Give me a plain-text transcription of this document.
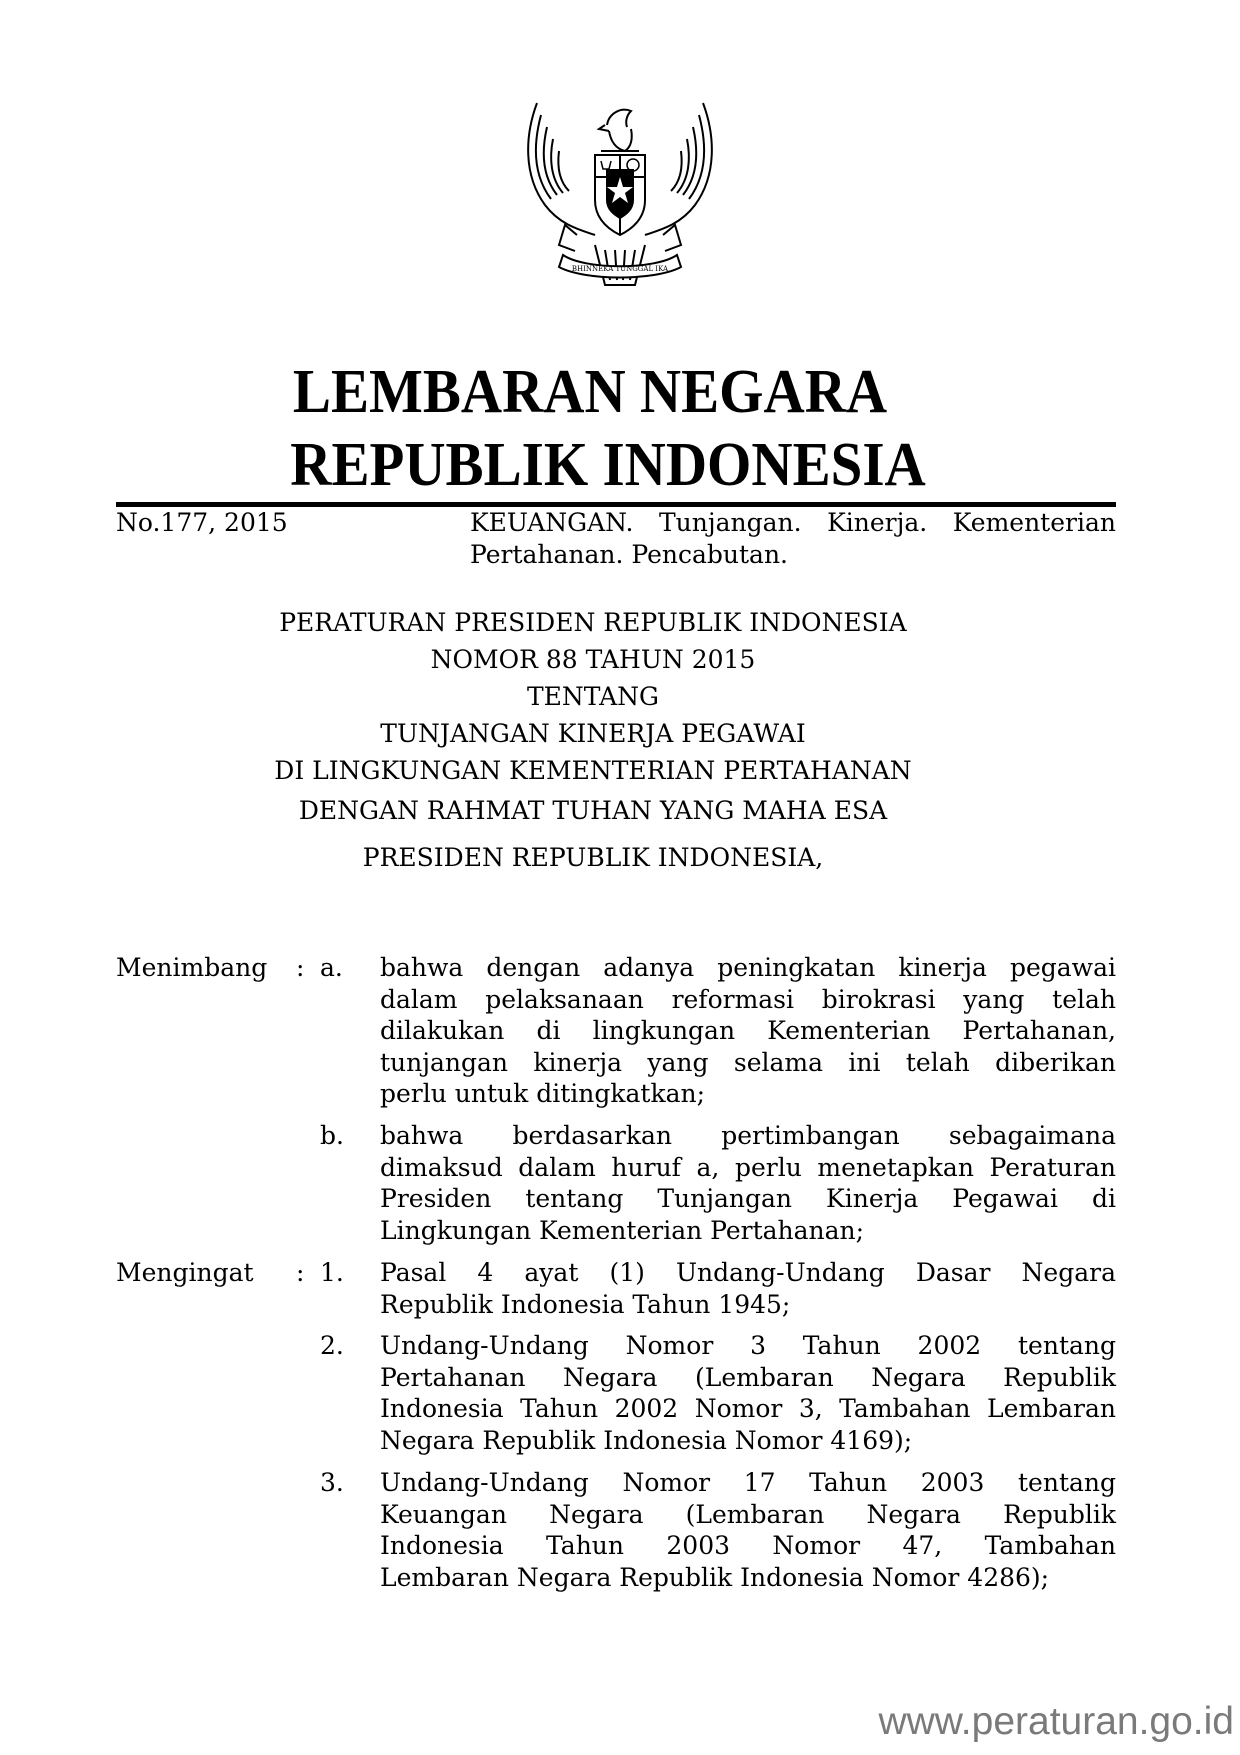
BHINNEKA TUNGGAL IKA
LEMBARAN NEGARA
REPUBLIK INDONESIA
No.177, 2015	KEUANGAN. Tunjangan. Kinerja. Kementerian
Pertahanan. Pencabutan.
PERATURAN PRESIDEN REPUBLIK INDONESIA
NOMOR 88 TAHUN 2015
TENTANG
TUNJANGAN KINERJA PEGAWAI
DI LINGKUNGAN KEMENTERIAN PERTAHANAN
DENGAN RAHMAT TUHAN YANG MAHA ESA
PRESIDEN REPUBLIK INDONESIA,
Menimbang : a. bahwa dengan adanya peningkatan kinerja pegawai
dalam pelaksanaan reformasi birokrasi yang telah
dilakukan di lingkungan Kementerian Pertahanan,
tunjangan kinerja yang selama ini telah diberikan
perlu untuk ditingkatkan;
b. bahwa berdasarkan pertimbangan sebagaimana
dimaksud dalam huruf a, perlu menetapkan Peraturan
Presiden tentang Tunjangan Kinerja Pegawai di
Lingkungan Kementerian Pertahanan;
Mengingat : 1. Pasal 4 ayat (1) Undang-Undang Dasar Negara
Republik Indonesia Tahun 1945;
2. Undang-Undang Nomor 3 Tahun 2002 tentang
Pertahanan Negara (Lembaran Negara Republik
Indonesia Tahun 2002 Nomor 3, Tambahan Lembaran
Negara Republik Indonesia Nomor 4169);
3. Undang-Undang Nomor 17 Tahun 2003 tentang
Keuangan Negara (Lembaran Negara Republik
Indonesia Tahun 2003 Nomor 47, Tambahan
Lembaran Negara Republik Indonesia Nomor 4286);
www.peraturan.go.id
